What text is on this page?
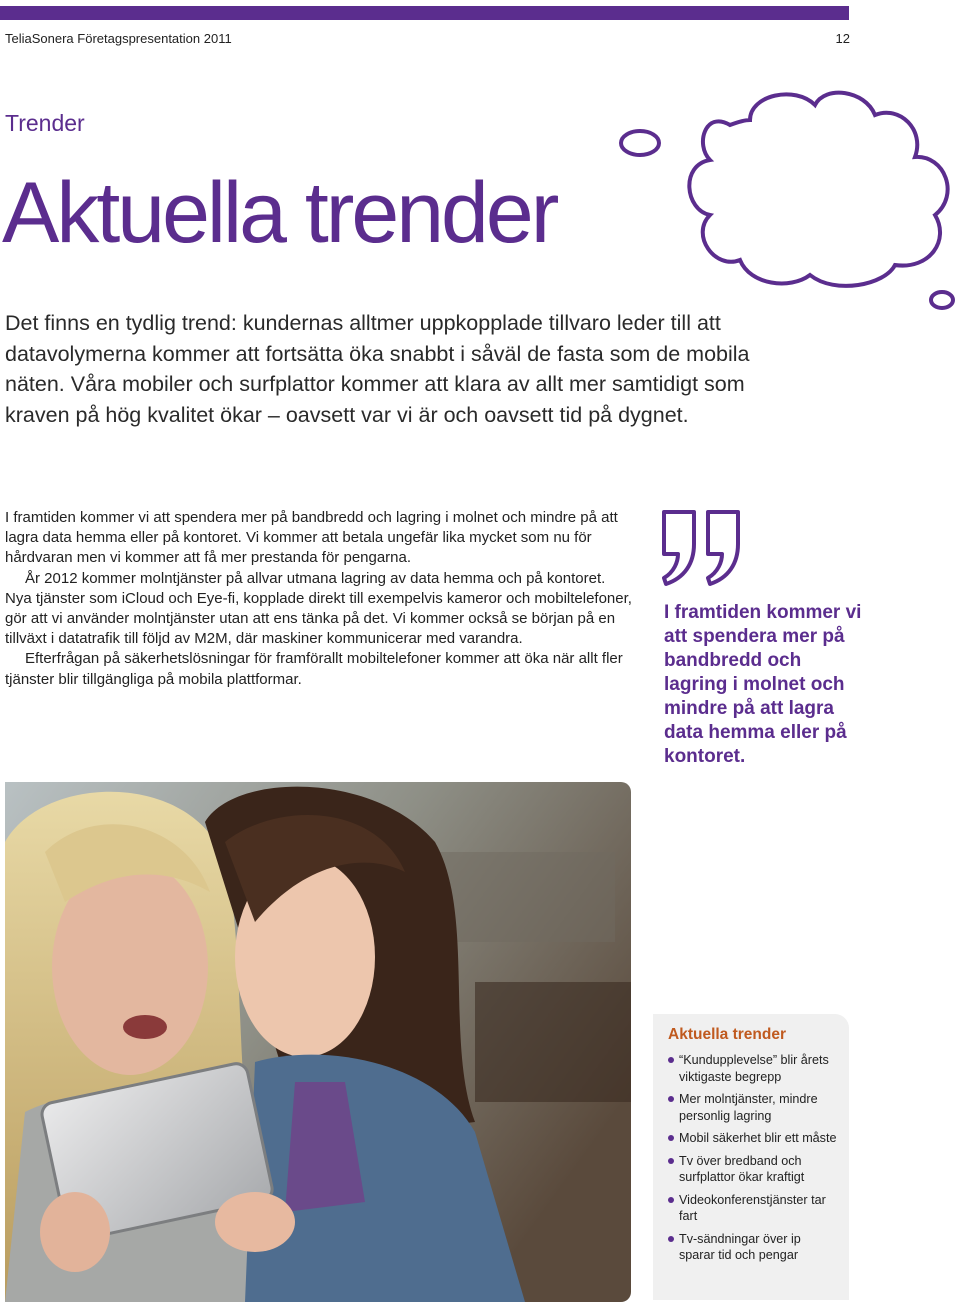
TeliaSonera Företagspresentation 2011	12
Trender
Aktuella trender

Det finns en tydlig trend: kundernas alltmer uppkopplade tillvaro leder till att datavolymerna kommer att fortsätta öka snabbt i såväl de fasta som de mobila näten. Våra mobiler och surfplattor kommer att klara av allt mer samtidigt som kraven på hög kvalitet ökar – oavsett var vi är och oavsett tid på dygnet.

I framtiden kommer vi att spendera mer på bandbredd och lagring i molnet och mindre på att lagra data hemma eller på kontoret. Vi kommer att betala ungefär lika mycket som nu för hårdvaran men vi kommer att få mer prestanda för pengarna.

År 2012 kommer molntjänster på allvar utmana lagring av data hemma och på kontoret. Nya tjänster som iCloud och Eye-fi, kopplade direkt till exempelvis kameror och mobiltelefoner, gör att vi använder molntjänster utan att ens tänka på det. Vi kommer också se början på en tillväxt i datatrafik till följd av M2M, där maskiner kommunicerar med varandra.

Efterfrågan på säkerhetslösningar för framförallt mobiltelefoner kommer att öka när allt fler tjänster blir tillgängliga på mobila plattformar.

I framtiden kommer vi att spendera mer på bandbredd och lagring i molnet och mindre på att lagra data hemma eller på kontoret.

Aktuella trender
“Kundupplevelse” blir årets viktigaste begrepp
Mer molntjänster, mindre personlig lagring
Mobil säkerhet blir ett måste
Tv över bredband och surfplattor ökar kraftigt
Videokonferenstjänster tar fart
Tv-sändningar över ip sparar tid och pengar
